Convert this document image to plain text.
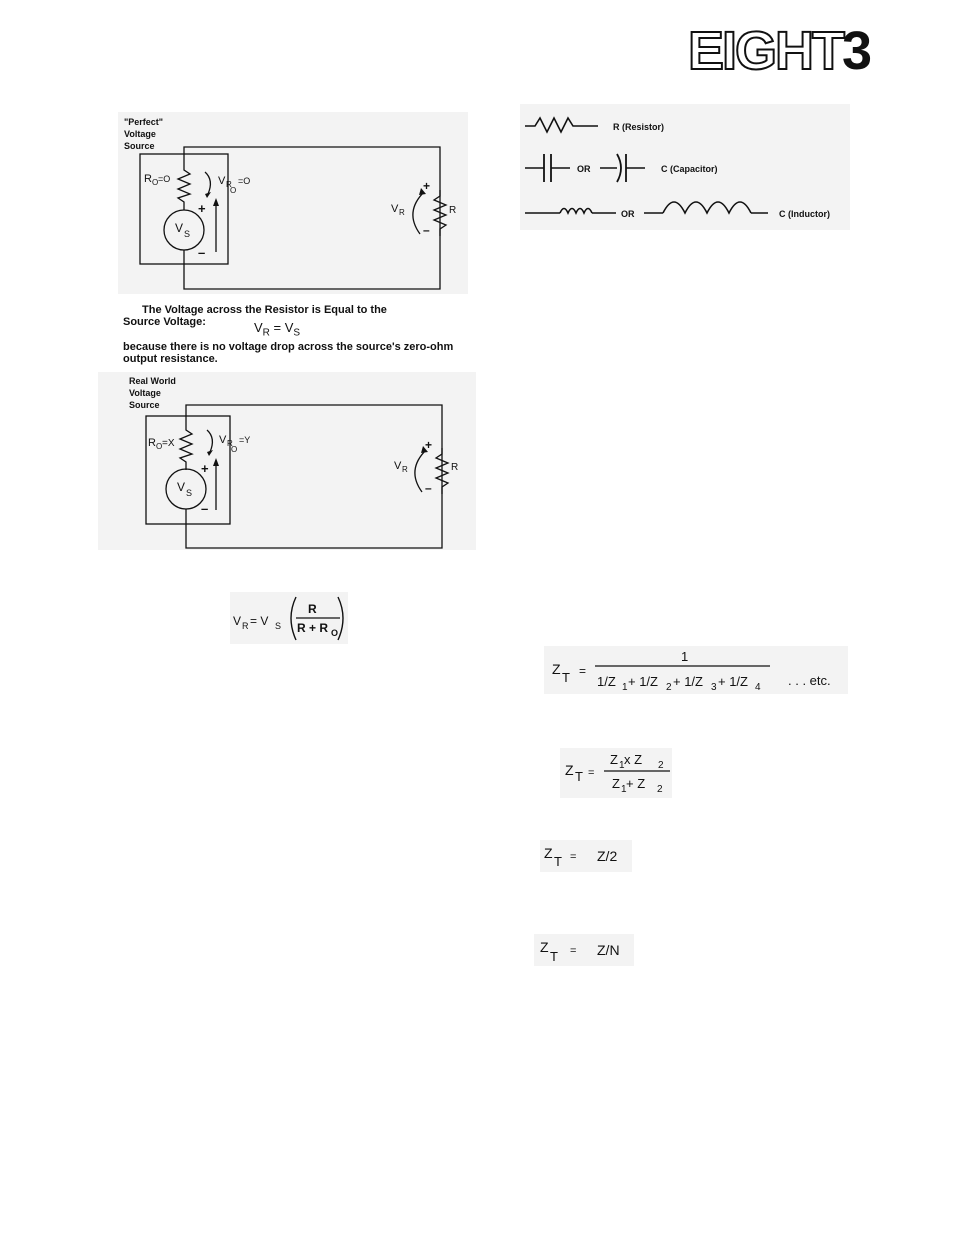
EIGHT
3
"Perfect"
Voltage
Source
V S
+
–
R O =O	V R
O
=O
R
+
–
V R
The Voltage across the Resistor is Equal to the
Source Voltage:	$V_R = V_S$
because there is no voltage drop across the source's zero-ohm
output resistance.
Real World
Voltage
Source
V S
+
–
R O =X	V R
O
=Y
R
+
–
V R
V R = V S
R
R + R O
R (Resistor)
OR	C (Capacitor)
OR	C (Inductor)
Z
T =
1
1/Z 1 + 1/Z 2 + 1/Z 3 + 1/Z 4 . . . etc.
Z T =
Z 1 x Z 2
Z 1 + Z 2
Z
T = Z/2
Z
T = Z/N
